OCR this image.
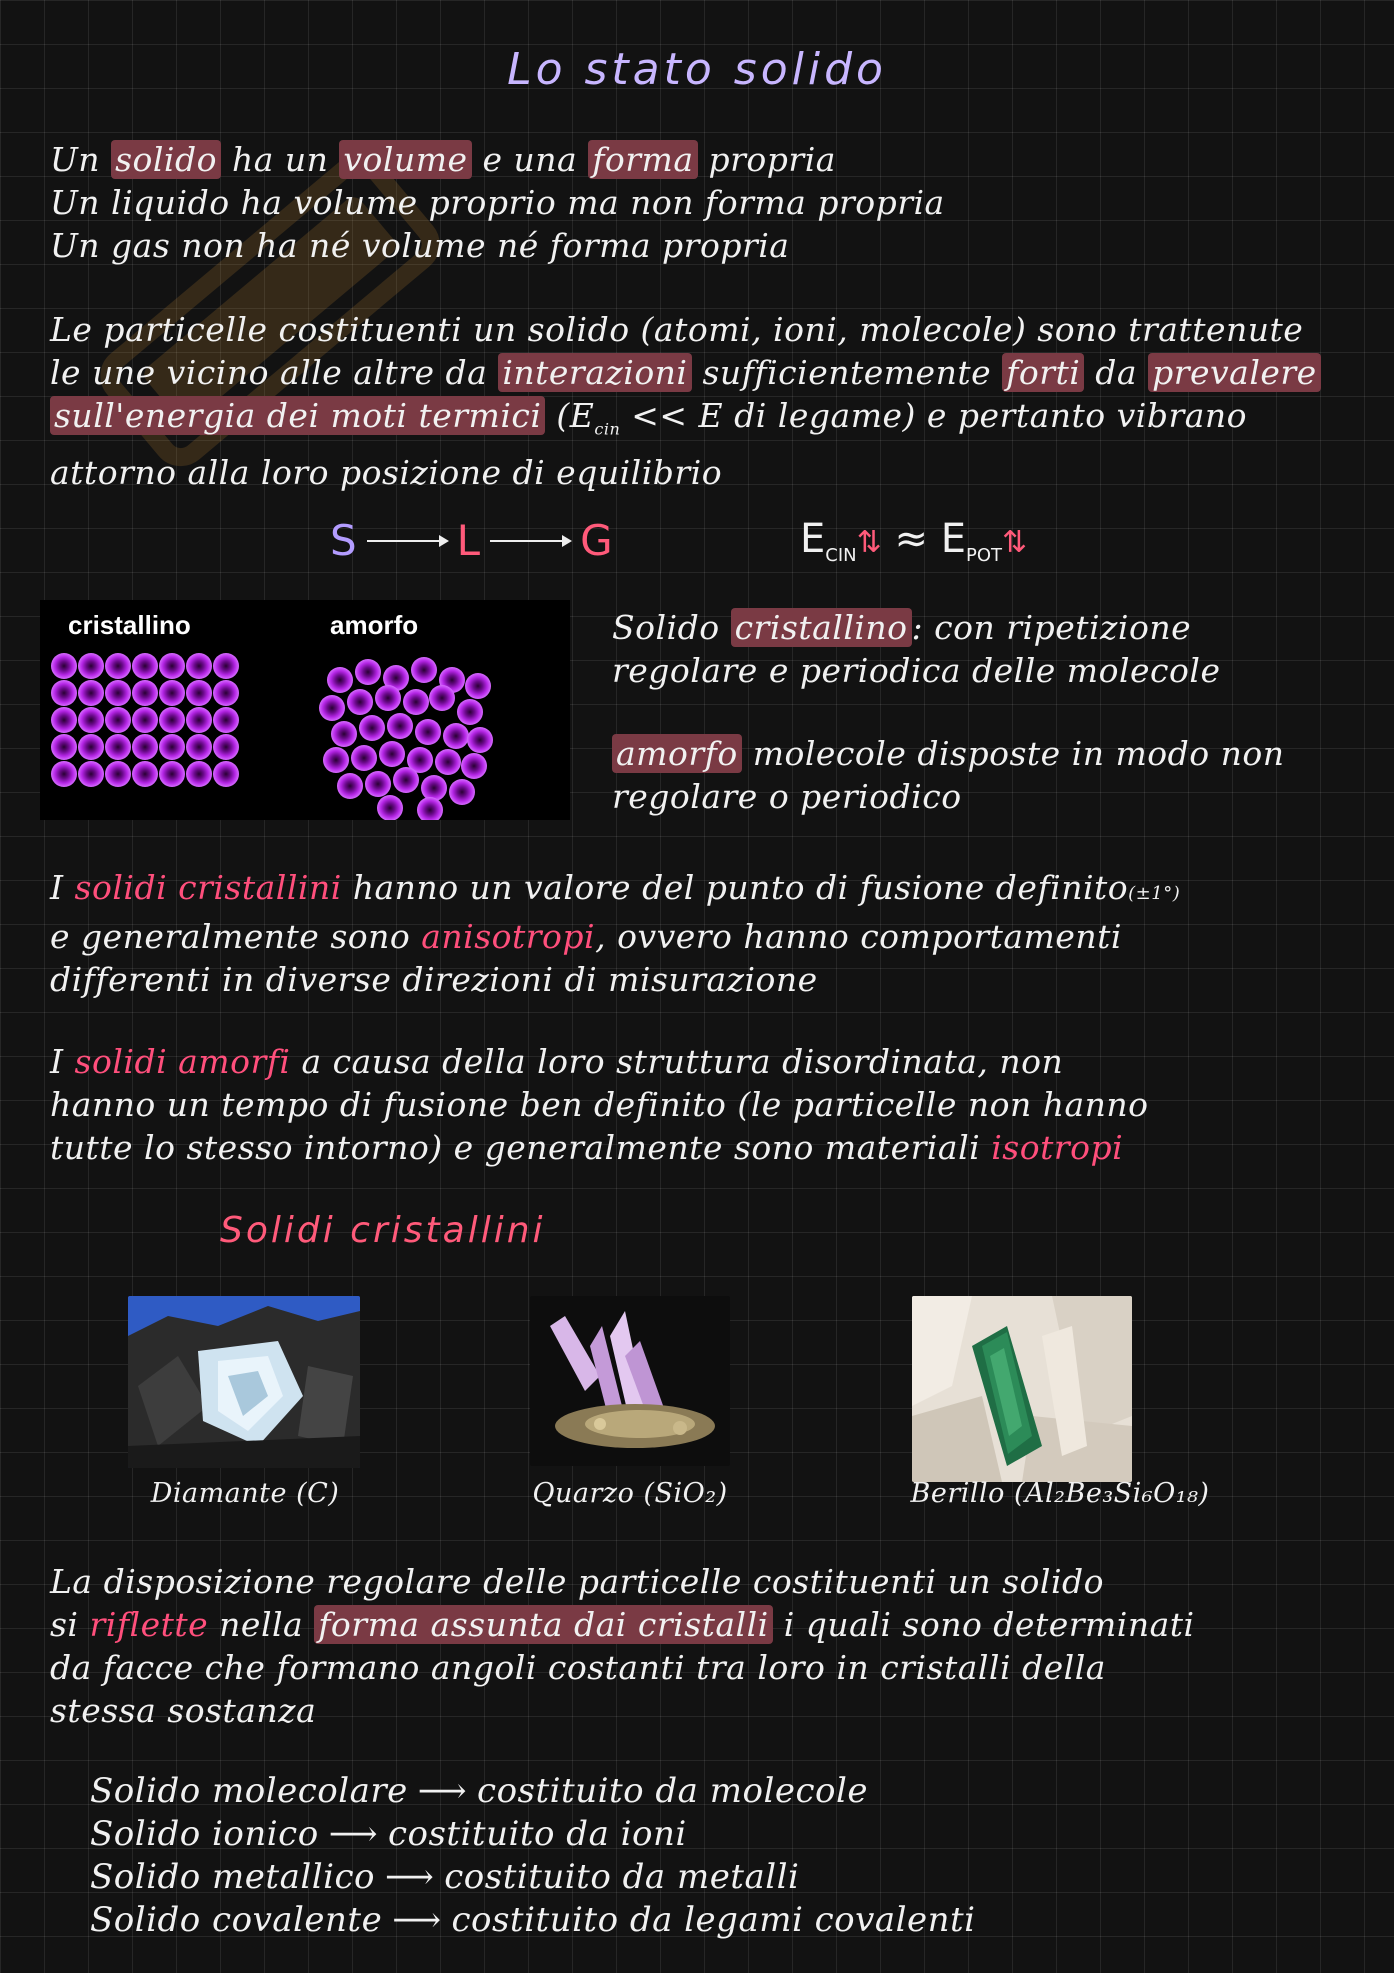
Lo stato solido

Un solido ha un volume e una forma propria

Un liquido ha volume proprio ma non forma propria

Un gas non ha né volume né forma propria

Le particelle costituenti un solido (atomi, ioni, molecole) sono trattenute

le une vicino alle altre da interazioni sufficientemente forti da prevalere

sull'energia dei moti termici ($E_{cin} << E$ di legame) e pertanto vibrano

attorno alla loro posizione di equilibrio

S L G	$E_{CIN}⇅$ ≈ $E_{POT}⇅$
cristallino	amorfo	Solido cristallino : con ripetizione

regolare e periodica delle molecole

amorfo molecole disposte in modo non

regolare o periodico

I solidi cristallini hanno un valore del punto di fusione definito(±1°)

e generalmente sono anisotropi, ovvero hanno comportamenti

differenti in diverse direzioni di misurazione

I solidi amorfi a causa della loro struttura disordinata, non

hanno un tempo di fusione ben definito (le particelle non hanno

tutte lo stesso intorno) e generalmente sono materiali isotropi

Solidi cristallini
Diamante (C)	Quarzo (SiO₂)	Berillo (Al₂Be₃Si₆O₁₈)

La disposizione regolare delle particelle costituenti un solido

si riflette nella forma assunta dai cristalli i quali sono determinati

da facce che formano angoli costanti tra loro in cristalli della

stessa sostanza

Solido molecolare ⟶ costituito da molecole

Solido ionico ⟶ costituito da ioni

Solido metallico ⟶ costituito da metalli

Solido covalente ⟶ costituito da legami covalenti
